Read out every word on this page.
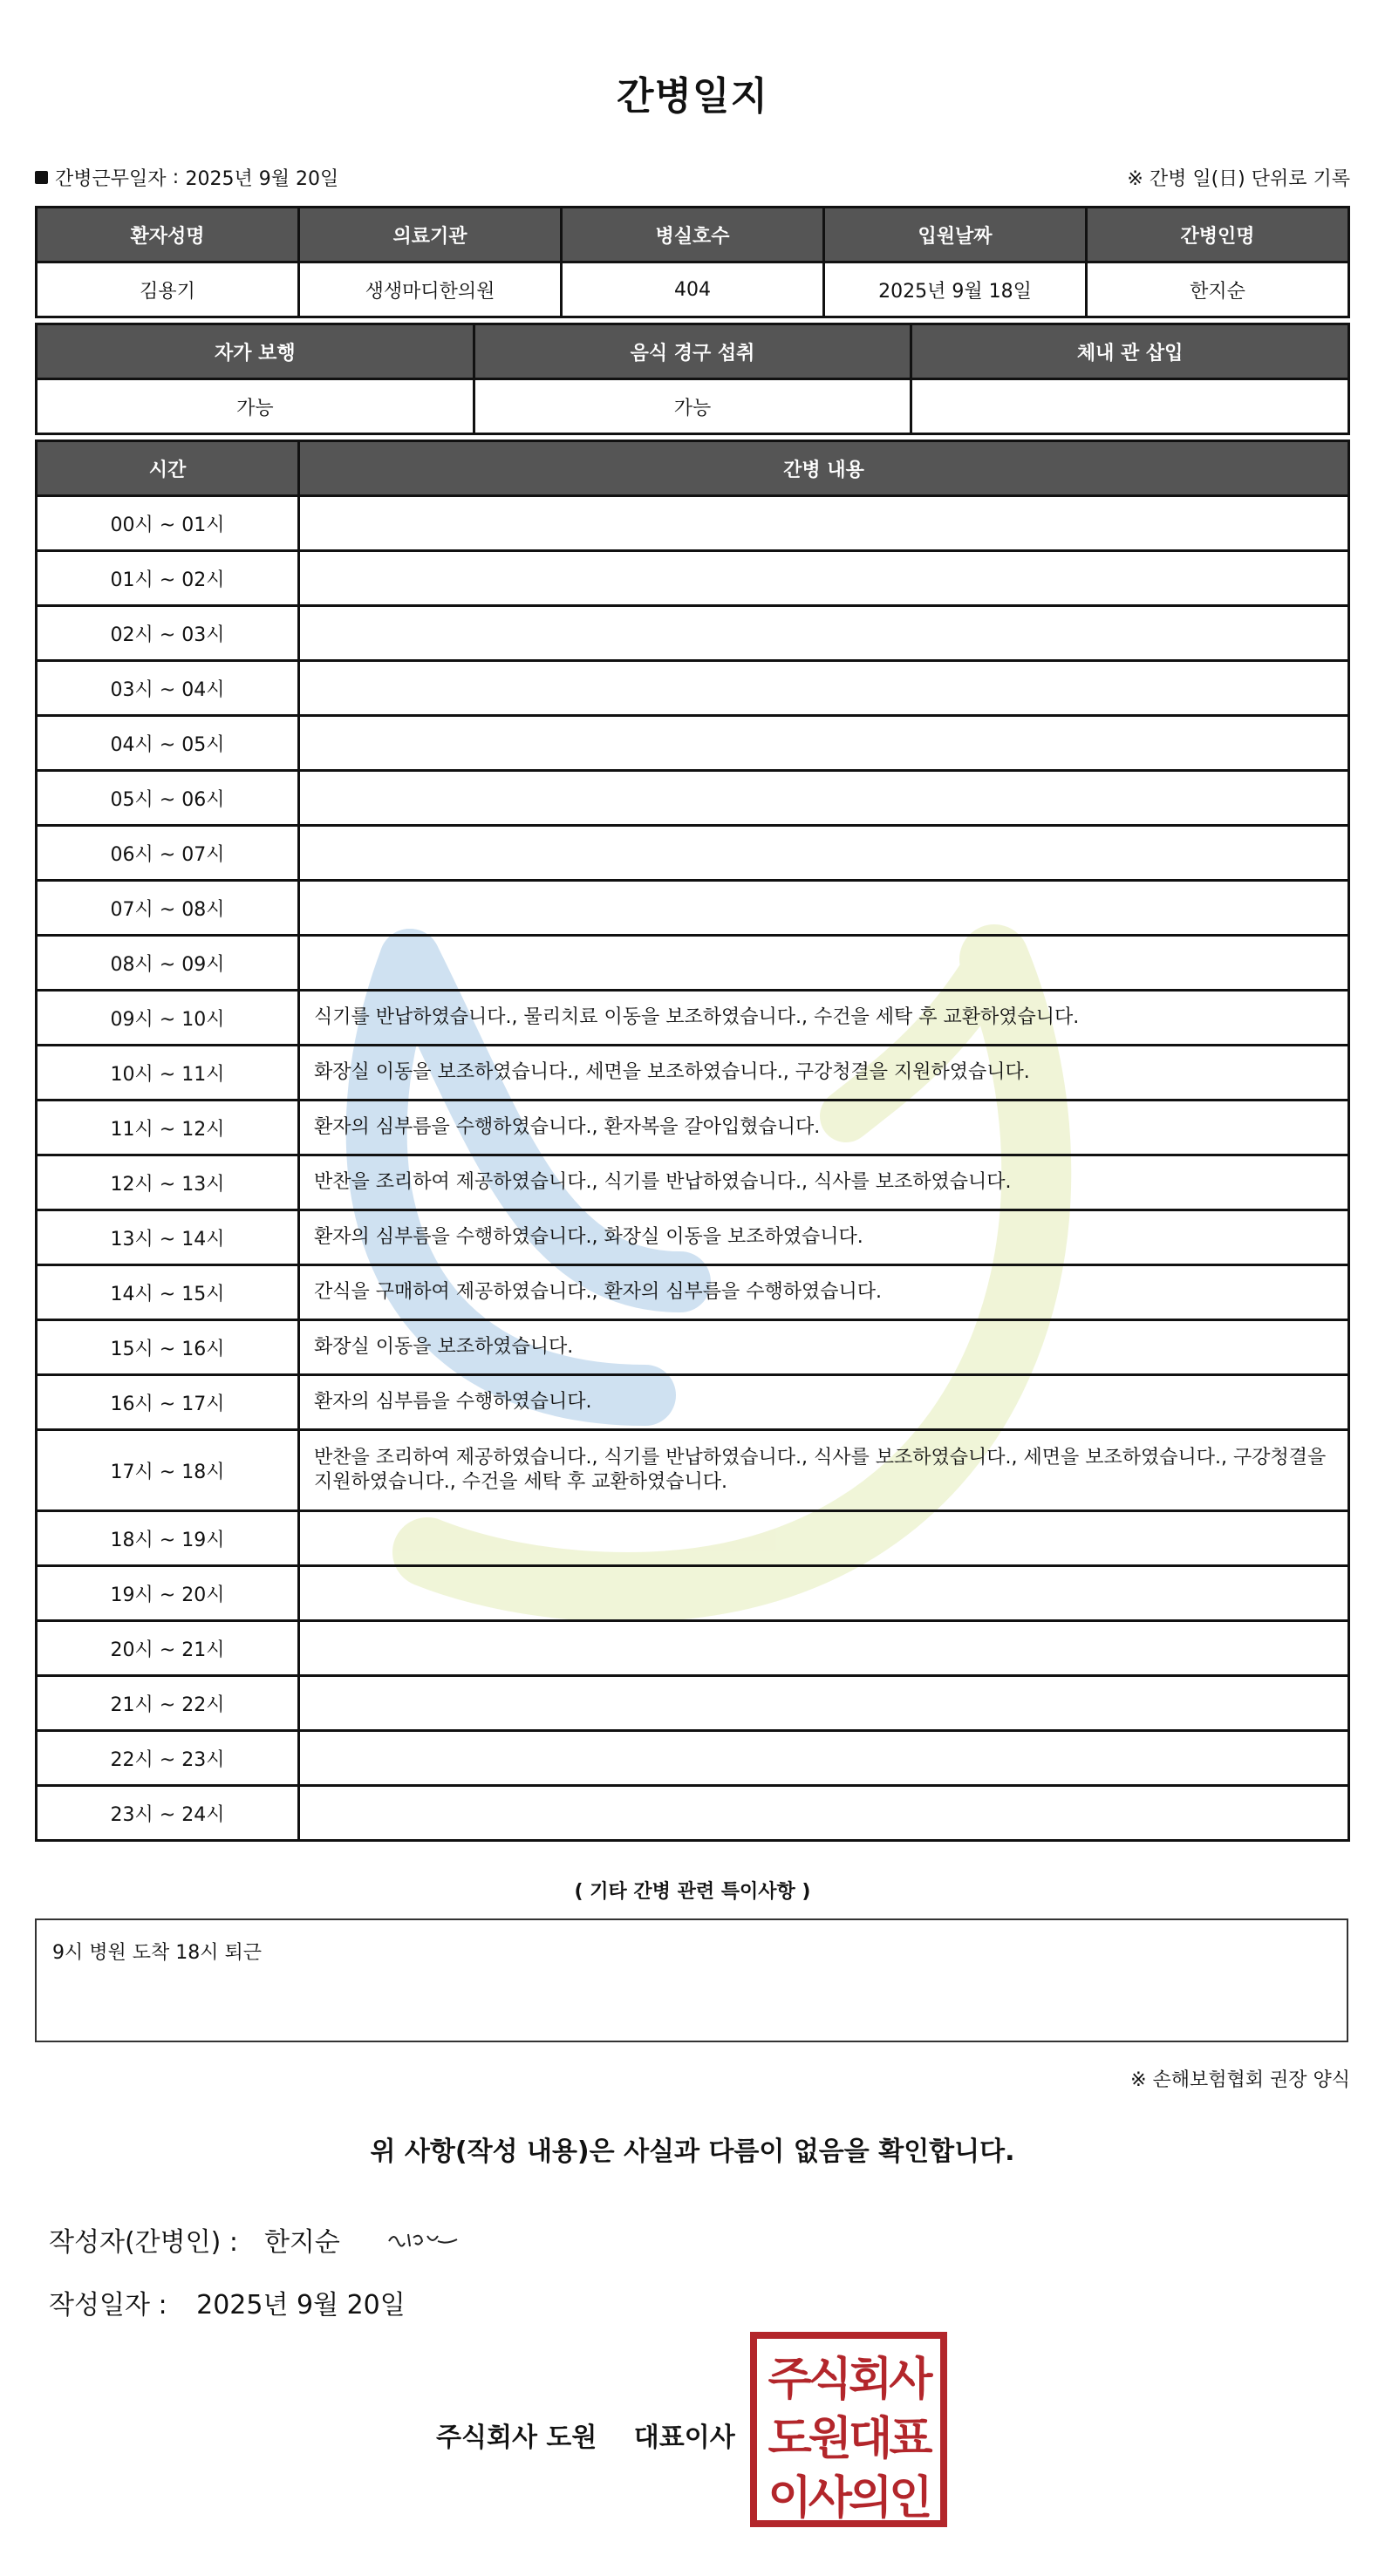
간병일지
간병근무일자 : 2025년 9월 20일	※ 간병 일(日) 단위로 기록
환자성명	의료기관	병실호수	입원날짜	간병인명
김용기	생생마디한의원	404	2025년 9월 18일	한지순
자가 보행	음식 경구 섭취	체내 관 삽입
가능	가능	
시간	간병 내용
00시 ~ 01시	
01시 ~ 02시	
02시 ~ 03시	
03시 ~ 04시	
04시 ~ 05시	
05시 ~ 06시	
06시 ~ 07시	
07시 ~ 08시	
08시 ~ 09시	
09시 ~ 10시	식기를 반납하였습니다., 물리치료 이동을 보조하였습니다., 수건을 세탁 후 교환하였습니다.
10시 ~ 11시	화장실 이동을 보조하였습니다., 세면을 보조하였습니다., 구강청결을 지원하였습니다.
11시 ~ 12시	환자의 심부름을 수행하였습니다., 환자복을 갈아입혔습니다.
12시 ~ 13시	반찬을 조리하여 제공하였습니다., 식기를 반납하였습니다., 식사를 보조하였습니다.
13시 ~ 14시	환자의 심부름을 수행하였습니다., 화장실 이동을 보조하였습니다.
14시 ~ 15시	간식을 구매하여 제공하였습니다., 환자의 심부름을 수행하였습니다.
15시 ~ 16시	화장실 이동을 보조하였습니다.
16시 ~ 17시	환자의 심부름을 수행하였습니다.
17시 ~ 18시	반찬을 조리하여 제공하였습니다., 식기를 반납하였습니다., 식사를 보조하였습니다., 세면을 보조하였습니다., 구강청결을 지원하였습니다., 수건을 세탁 후 교환하였습니다.
18시 ~ 19시	
19시 ~ 20시	
20시 ~ 21시	
21시 ~ 22시	
22시 ~ 23시	
23시 ~ 24시	
( 기타 간병 관련 특이사항 )
9시 병원 도착 18시 퇴근
※ 손해보험협회 권장 양식
위 사항(작성 내용)은 사실과 다름이 없음을 확인합니다.
작성자(간병인) : 한지순
작성일자 : 2025년 9월 20일
주식회사 도원 대표이사
주식회사
도원대표
이사의인
